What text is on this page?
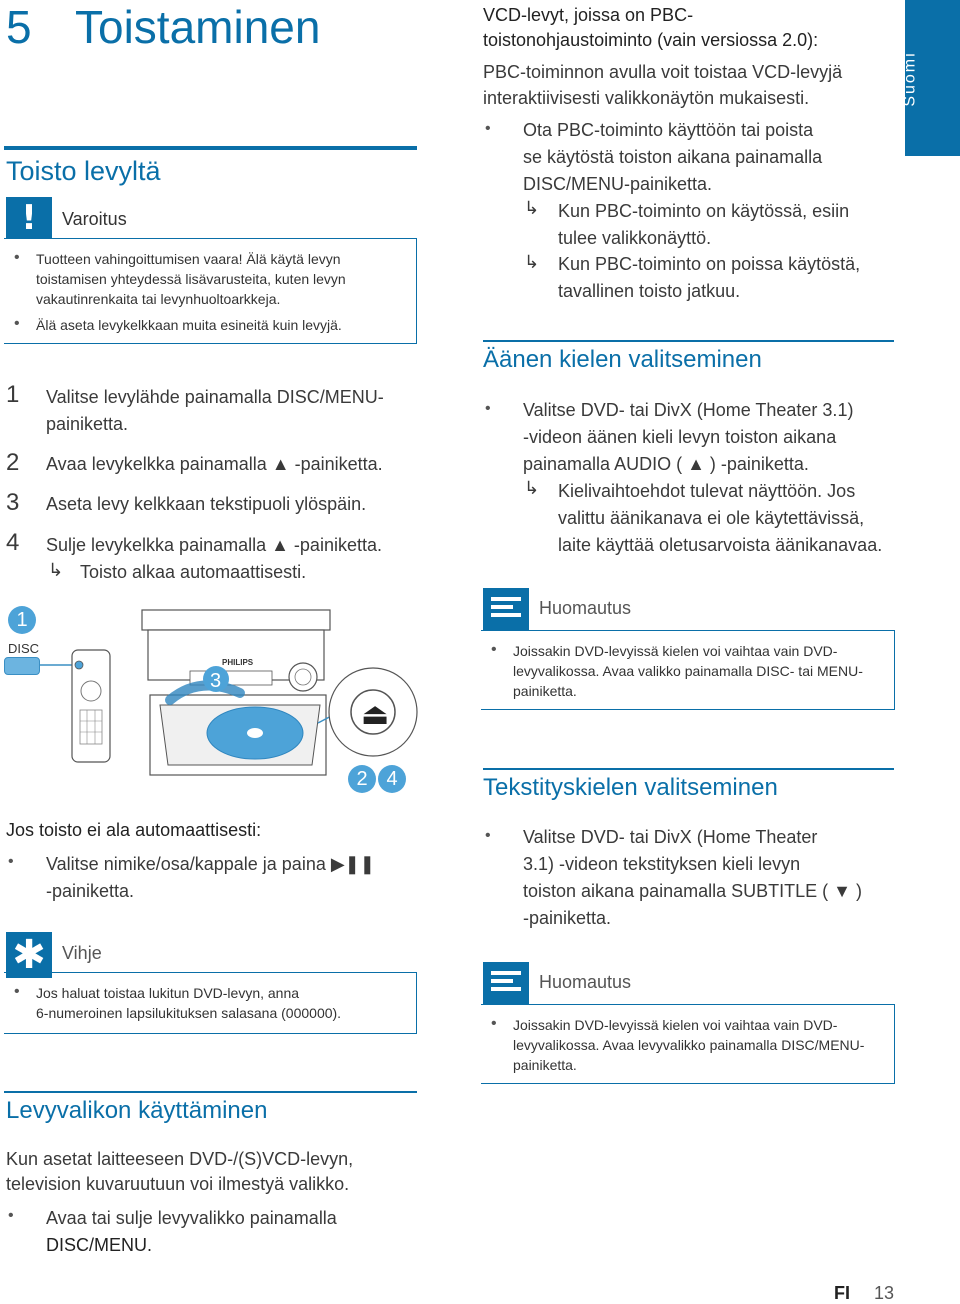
5 Toistaminen
Suomi
Toisto levyltä
!	Varoitus
• Tuotteen vahingoittumisen vaara! Älä käytä levyn toistamisen yhteydessä lisävarusteita, kuten levyn vakautinrenkaita tai levynhuoltoarkkeja.
• Älä aseta levykelkkaan muita esineitä kuin levyjä.
1 Valitse levylähde painamalla DISC/MENU-
painiketta.
2 Avaa levykelkka painamalla ▲ -painiketta.
3 Aseta levy kelkkaan tekstipuoli ylöspäin.
4 Sulje levykelkka painamalla ▲ -painiketta.
↳ Toisto alkaa automaattisesti.
1
DISC
PHILIPS
3
⏏
2 4
Jos toisto ei ala automaattisesti:
• Valitse nimike/osa/kappale ja paina ▶❚❚
-painiketta.
✱ Vihje
• Jos haluat toistaa lukitun DVD-levyn, anna
6-numeroinen lapsilukituksen salasana (000000).
Levyvalikon käyttäminen
Kun asetat laitteeseen DVD-/(S)VCD-levyn,
television kuvaruutuun voi ilmestyä valikko.
• Avaa tai sulje levyvalikko painamalla
DISC/MENU.
VCD-levyt, joissa on PBC-
toistonohjaustoiminto (vain versiossa 2.0):
PBC-toiminnon avulla voit toistaa VCD-levyjä
interaktiivisesti valikkonäytön mukaisesti.
• Ota PBC-toiminto käyttöön tai poista
se käytöstä toiston aikana painamalla
DISC/MENU-painiketta.
↳ Kun PBC-toiminto on käytössä, esiin
tulee valikkonäyttö.
↳ Kun PBC-toiminto on poissa käytöstä,
tavallinen toisto jatkuu.
Äänen kielen valitseminen
• Valitse DVD- tai DivX (Home Theater 3.1)
-videon äänen kieli levyn toiston aikana
painamalla AUDIO ( ▲ ) -painiketta.
↳ Kielivaihtoehdot tulevat näyttöön. Jos
valittu äänikanava ei ole käytettävissä,
laite käyttää oletusarvoista äänikanavaa.
Huomautus
• Joissakin DVD-levyissä kielen voi vaihtaa vain DVD-
levyvalikossa. Avaa valikko painamalla DISC- tai MENU-
painiketta.
Tekstityskielen valitseminen
• Valitse DVD- tai DivX (Home Theater
3.1) -videon tekstityksen kieli levyn
toiston aikana painamalla SUBTITLE ( ▼ )
-painiketta.
Huomautus
• Joissakin DVD-levyissä kielen voi vaihtaa vain DVD-
levyvalikossa. Avaa levyvalikko painamalla DISC/MENU-
painiketta.
FI 13
